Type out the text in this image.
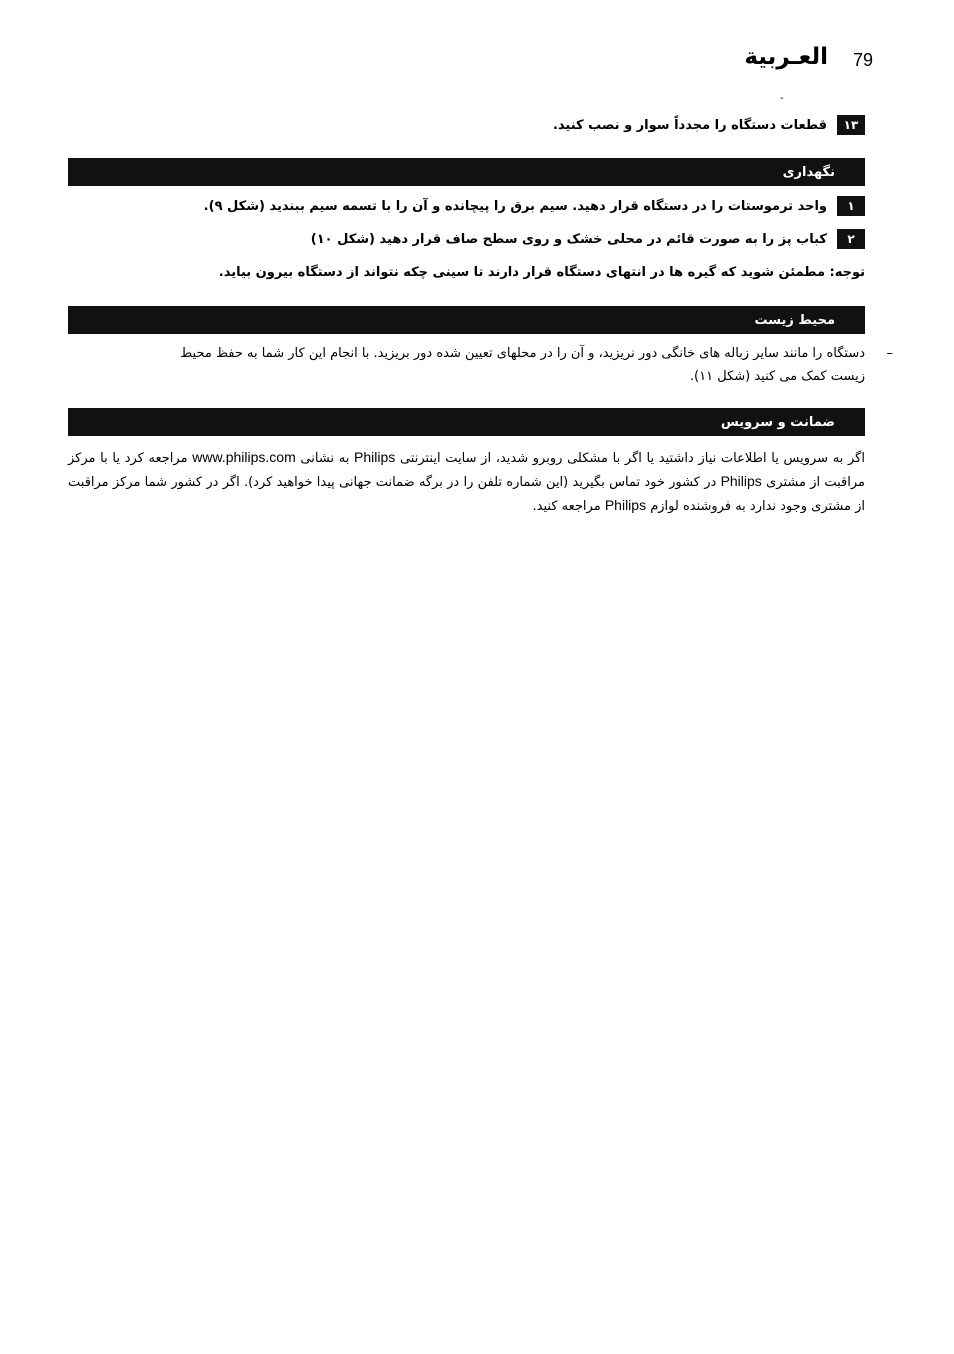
العـربية 79
-
١٣
قطعات دستگاه را مجدداً سوار و نصب کنید.
نگهداری
١
واحد ترموستات را در دستگاه قرار دهید. سیم برق را پیچانده و آن را با تسمه سیم ببندید (شکل ۹).
٢
کباب پز را به صورت قائم در محلی خشک و روی سطح صاف قرار دهید (شکل ۱۰)
توجه: مطمئن شوید که گیره ها در انتهای دستگاه قرار دارند تا سینی چکه نتواند از دستگاه بیرون بیاید.
محیط زیست
–
دستگاه را مانند سایر زباله های خانگی دور نریزید، و آن را در محلهای تعیین شده دور بریزید. با انجام این کار شما به حفظ محیط
زیست کمک می کنید (شکل ۱۱).
ضمانت و سرویس
اگر به سرویس یا اطلاعات نیاز داشتید یا اگر با مشکلی روبرو شدید، از سایت اینترنتی Philips به نشانی www.philips.com مراجعه کرد یا با مرکز مراقبت از مشتری Philips در کشور خود تماس بگیرید (این شماره تلفن را در برگه ضمانت جهانی پیدا خواهید کرد). اگر در کشور شما مرکز مراقبت از مشتری وجود ندارد به فروشنده لوازم Philips مراجعه کنید.
